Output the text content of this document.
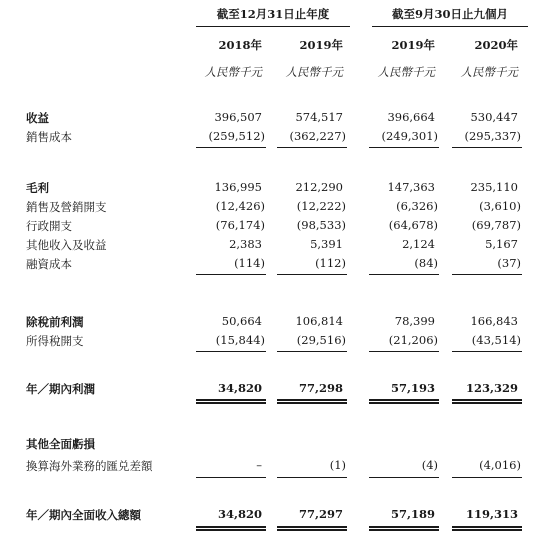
截至12月31日止年度	截至9月30日止九個月
2018年	2019年	2019年	2020年
人民幣千元	人民幣千元	人民幣千元	人民幣千元
收益	396,507	574,517	396,664	530,447
銷售成本	(259,512)	(362,227)	(249,301)	(295,337)
毛利	136,995	212,290	147,363	235,110
銷售及營銷開支	(12,426)	(12,222)	(6,326)	(3,610)
行政開支	(76,174)	(98,533)	(64,678)	(69,787)
其他收入及收益	2,383	5,391	2,124	5,167
融資成本	(114)	(112)	(84)	(37)
除稅前利潤	50,664	106,814	78,399	166,843
所得稅開支	(15,844)	(29,516)	(21,206)	(43,514)
年／期內利潤	34,820	77,298	57,193	123,329
其他全面虧損
換算海外業務的匯兑差額	–	(1)	(4)	(4,016)
年／期內全面收入總額	34,820	77,297	57,189	119,313
